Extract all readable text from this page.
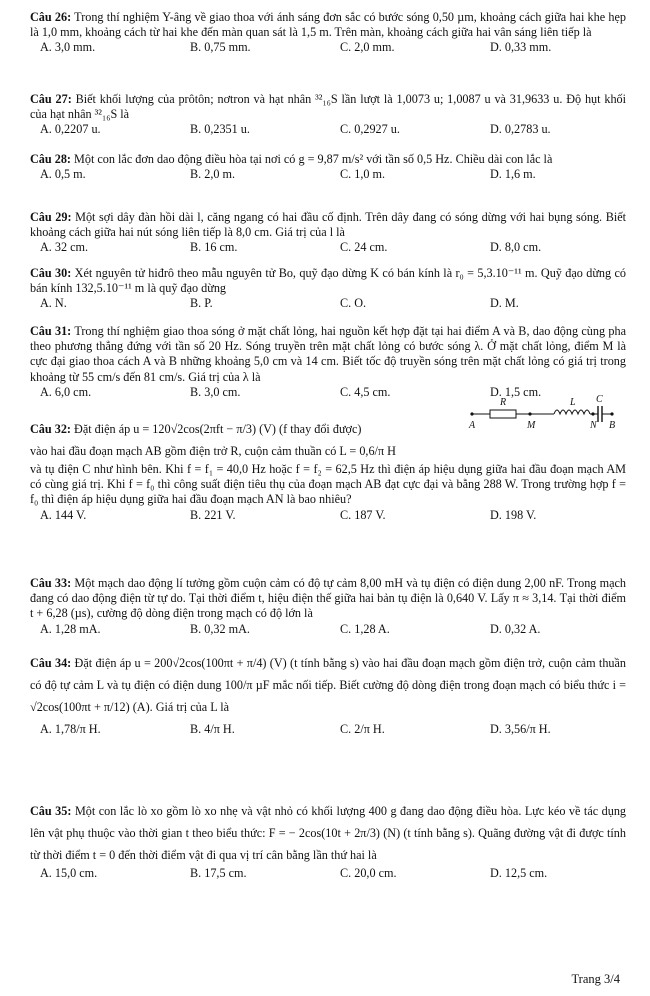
Câu 26: Trong thí nghiệm Y-âng về giao thoa với ánh sáng đơn sắc có bước sóng 0,50 µm, khoảng cách giữa hai khe hẹp là 1,0 mm, khoảng cách từ hai khe đến màn quan sát là 1,5 m. Trên màn, khoảng cách giữa hai vân sáng liên tiếp là

A. 3,0 mm.	B. 0,75 mm.	C. 2,0 mm.	D. 0,33 mm.

Câu 27: Biết khối lượng của prôtôn; nơtron và hạt nhân ³²₁₆S lần lượt là 1,0073 u; 1,0087 u và 31,9633 u. Độ hụt khối của hạt nhân ³²₁₆S là

A. 0,2207 u.	B. 0,2351 u.	C. 0,2927 u.	D. 0,2783 u.

Câu 28: Một con lắc đơn dao động điều hòa tại nơi có g = 9,87 m/s² với tần số 0,5 Hz. Chiều dài con lắc là

A. 0,5 m.	B. 2,0 m.	C. 1,0 m.	D. 1,6 m.

Câu 29: Một sợi dây đàn hồi dài l, căng ngang có hai đầu cố định. Trên dây đang có sóng dừng với hai bụng sóng. Biết khoảng cách giữa hai nút sóng liên tiếp là 8,0 cm. Giá trị của l là

A. 32 cm.	B. 16 cm.	C. 24 cm.	D. 8,0 cm.

Câu 30: Xét nguyên tử hiđrô theo mẫu nguyên tử Bo, quỹ đạo dừng K có bán kính là r₀ = 5,3.10⁻¹¹ m. Quỹ đạo dừng có bán kính 132,5.10⁻¹¹ m là quỹ đạo dừng

A. N.	B. P.	C. O.	D. M.

Câu 31: Trong thí nghiệm giao thoa sóng ở mặt chất lỏng, hai nguồn kết hợp đặt tại hai điểm A và B, dao động cùng pha theo phương thẳng đứng với tần số 20 Hz. Sóng truyền trên mặt chất lỏng có bước sóng λ. Ở mặt chất lỏng, điểm M là cực đại giao thoa cách A và B những khoảng 5,0 cm và 14 cm. Biết tốc độ truyền sóng trên mặt chất lỏng có giá trị trong khoảng từ 55 cm/s đến 81 cm/s. Giá trị của λ là

A. 6,0 cm.	B. 3,0 cm.	C. 4,5 cm.	D. 1,5 cm.

Câu 32: Đặt điện áp u = 120√2cos(2πft − π/3) (V) (f thay đổi được)

vào hai đầu đoạn mạch AB gồm điện trở R, cuộn cảm thuần có L = 0,6/π H

và tụ điện C như hình bên. Khi f = f₁ = 40,0 Hz hoặc f = f₂ = 62,5 Hz thì điện áp hiệu dụng giữa hai đầu đoạn mạch AM có cùng giá trị. Khi f = f₀ thì công suất điện tiêu thụ của đoạn mạch AB đạt cực đại và bằng 288 W. Trong trường hợp f = f₀ thì điện áp hiệu dụng giữa hai đầu đoạn mạch AN là bao nhiêu?

A. 144 V.	B. 221 V.	C. 187 V.	D. 198 V.
R	L C
A	M	N B

Câu 33: Một mạch dao động lí tưởng gồm cuộn cảm có độ tự cảm 8,00 mH và tụ điện có điện dung 2,00 nF. Trong mạch đang có dao động điện từ tự do. Tại thời điểm t, hiệu điện thế giữa hai bản tụ điện là 0,640 V. Lấy π ≈ 3,14. Tại thời điểm t + 6,28 (µs), cường độ dòng điện trong mạch có độ lớn là

A. 1,28 mA.	B. 0,32 mA.	C. 1,28 A.	D. 0,32 A.

Câu 34: Đặt điện áp u = 200√2cos(100πt + π/4) (V) (t tính bằng s) vào hai đầu đoạn mạch gồm điện trở, cuộn cảm thuần có độ tự cảm L và tụ điện có điện dung 100/π µF mắc nối tiếp. Biết cường độ dòng điện trong đoạn mạch có biểu thức i = √2cos(100πt + π/12) (A). Giá trị của L là

A. 1,78/π H.	B. 4/π H.	C. 2/π H.	D. 3,56/π H.

Câu 35: Một con lắc lò xo gồm lò xo nhẹ và vật nhỏ có khối lượng 400 g đang dao động điều hòa. Lực kéo về tác dụng lên vật phụ thuộc vào thời gian t theo biểu thức: F = − 2cos(10t + 2π/3) (N) (t tính bằng s). Quãng đường vật đi được tính từ thời điểm t = 0 đến thời điểm vật đi qua vị trí cân bằng lần thứ hai là

A. 15,0 cm.	B. 17,5 cm.	C. 20,0 cm.	D. 12,5 cm.
Trang 3/4
